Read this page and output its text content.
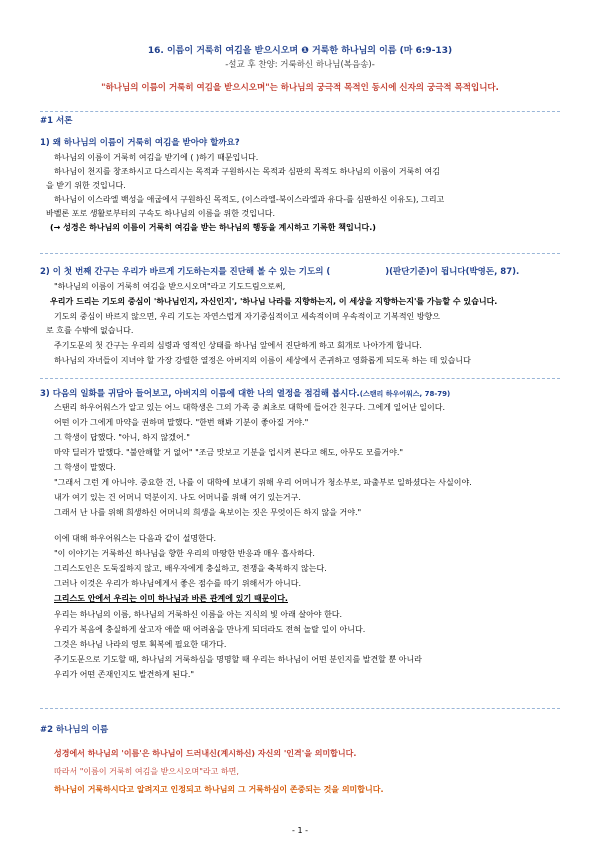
16. 이름이 거룩히 여김을 받으시오며 ❶ 거룩한 하나님의 이름 (마 6:9-13)
-설교 후 찬양: 거룩하신 하나님(복음송)-
"하나님의 이름이 거룩히 여김을 받으시오며"는 하나님의 궁극적 목적인 동시에 신자의 궁극적 목적입니다.
#1 서론
1) 왜 하나님의 이름이 거룩히 여김을 받아야 할까요?
하나님의 이름이 거룩히 여김을 받기에 ( )하기 때문입니다.
하나님이 천지를 창조하시고 다스리시는 목적과 구원하시는 목적과 심판의 목적도 하나님의 이름이 거룩히 여김
을 받기 위한 것입니다.
하나님이 이스라엘 백성을 애굽에서 구원하신 목적도, (이스라엘-북이스라엘과 유다-를 심판하신 이유도), 그리고
바벨론 포로 생활로부터의 구속도 하나님의 이름을 위한 것입니다.
(→ 성경은 하나님의 이름이 거룩히 여김을 받는 하나님의 행동을 계시하고 기록한 책입니다.)
2) 이 첫 번째 간구는 우리가 바르게 기도하는지를 진단해 볼 수 있는 기도의 (	)(판단기준)이 됩니다(박영돈, 87).
"하나님의 이름이 거룩히 여김을 받으시오며"라고 기도드림으로써,
우리가 드리는 기도의 중심이 '하나님인지, 자신인지', '하나님 나라를 지향하는지, 이 세상을 지향하는지'를 가늠할 수 있습니다.
기도의 중심이 바르지 않으면, 우리 기도는 자연스럽게 자기중심적이고 세속적이며 우속적이고 기복적인 방향으
로 흐를 수밖에 없습니다.
주기도문의 첫 간구는 우리의 심령과 영적인 상태를 하나님 앞에서 진단하게 하고 회개로 나아가게 합니다.
하나님의 자녀들이 지녀야 할 가장 강렬한 열정은 아버지의 이름이 세상에서 존귀하고 영화롭게 되도록 하는 데 있습니다
3) 다음의 일화를 귀담아 들어보고, 아버지의 이름에 대한 나의 열정을 점검해 봅시다.(스탠리 하우어워스, 78-79)
스탠리 하우어워스가 알고 있는 어느 대학생은 그의 가족 중 최초로 대학에 들어간 친구다. 그에게 일어난 일이다.
어떤 이가 그에게 마약을 권하며 말했다. "한번 해봐 기분이 좋아질 거야."
그 학생이 답했다. "아니, 하지 않겠어."
마약 딜러가 말했다. "불안해할 거 없어" "조금 맛보고 기분을 업시켜 본다고 해도, 아무도 모를거야."
그 학생이 말했다.
"그래서 그런 게 아니야. 중요한 건, 나를 이 대학에 보내기 위해 우리 어머니가 청소부로, 파출부로 일하셨다는 사실이야.
내가 여기 있는 건 어머니 덕분이지. 나도 어머니를 위해 여기 있는거구.
그래서 난 나를 위해 희생하신 어머니의 희생을 욕보이는 짓은 무엇이든 하지 않을 거야."
이에 대해 하우어워스는 다음과 같이 설명한다.
"이 이야기는 거룩하신 하나님을 향한 우리의 마땅한 반응과 매우 흡사하다.
그리스도인은 도둑질하지 않고, 배우자에게 충실하고, 전쟁을 축복하지 않는다.
그러나 이것은 우리가 하나님에게서 좋은 점수를 따기 위해서가 아니다.
그리스도 안에서 우리는 이미 하나님과 바른 관계에 있기 때문이다.
우리는 하나님의 이름, 하나님의 거룩하신 이름을 아는 지식의 빛 아래 살아야 한다.
우리가 복음에 충실하게 살고자 애쓸 때 어려움을 만나게 되더라도 전혀 놀랄 일이 아니다.
그것은 하나님 나라의 영토 획복에 필요한 대가다.
주기도문으로 기도할 때, 하나님의 거룩하심을 명명할 때 우리는 하나님이 어떤 분인지를 발견할 뿐 아니라
우리가 어떤 존재인지도 발견하게 된다."
#2 하나님의 이름
성경에서 하나님의 '이름'은 하나님이 드러내신(계시하신) 자신의 '인격'을 의미합니다.
따라서 "이름이 거룩히 여김을 받으시오며"라고 하면,
하나님이 거룩하시다고 알려지고 인정되고 하나님의 그 거룩하심이 존중되는 것을 의미합니다.
- 1 -
